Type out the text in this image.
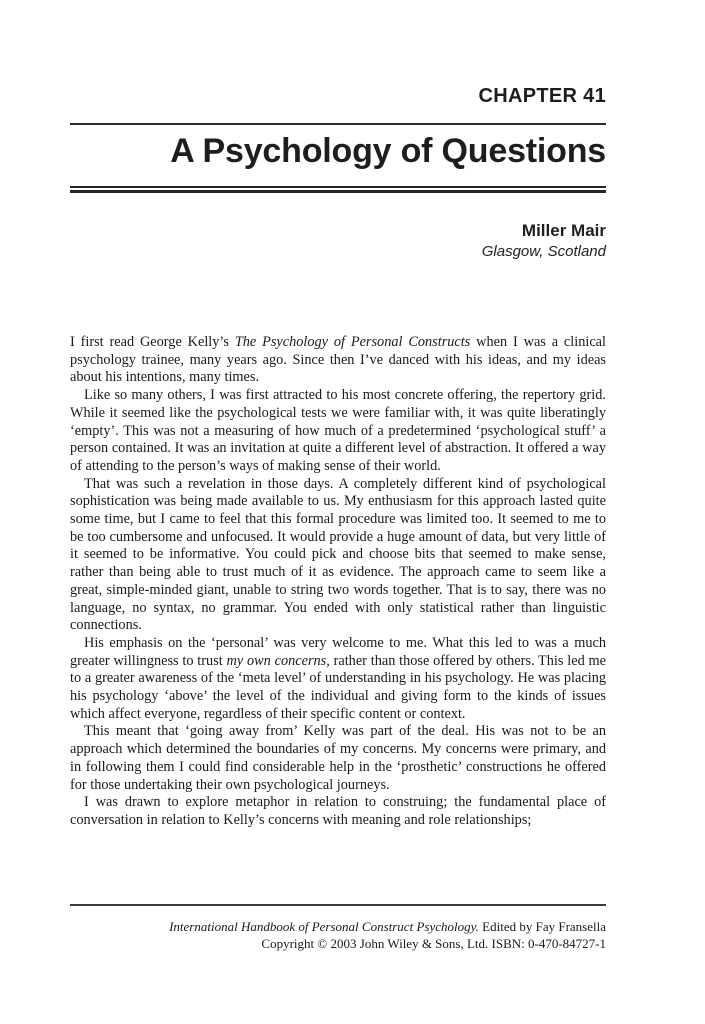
CHAPTER 41
A Psychology of Questions
Miller Mair
Glasgow, Scotland

I first read George Kelly’s The Psychology of Personal Constructs when I was a clinical psychology trainee, many years ago. Since then I’ve danced with his ideas, and my ideas about his intentions, many times.

Like so many others, I was first attracted to his most concrete offering, the repertory grid. While it seemed like the psychological tests we were familiar with, it was quite liberatingly ‘empty’. This was not a measuring of how much of a predetermined ‘psychological stuff’ a person contained. It was an invitation at quite a different level of abstraction. It offered a way of attending to the person’s ways of making sense of their world.

That was such a revelation in those days. A completely different kind of psychological sophistication was being made available to us. My enthusiasm for this approach lasted quite some time, but I came to feel that this formal procedure was limited too. It seemed to me to be too cumbersome and unfocused. It would provide a huge amount of data, but very little of it seemed to be informative. You could pick and choose bits that seemed to make sense, rather than being able to trust much of it as evidence. The approach came to seem like a great, simple-minded giant, unable to string two words together. That is to say, there was no language, no syntax, no grammar. You ended with only statistical rather than linguistic connections.

His emphasis on the ‘personal’ was very welcome to me. What this led to was a much greater willingness to trust my own concerns, rather than those offered by others. This led me to a greater awareness of the ‘meta level’ of understanding in his psychology. He was placing his psychology ‘above’ the level of the individual and giving form to the kinds of issues which affect everyone, regardless of their specific content or context.

This meant that ‘going away from’ Kelly was part of the deal. His was not to be an approach which determined the boundaries of my concerns. My concerns were primary, and in following them I could find considerable help in the ‘prosthetic’ constructions he offered for those undertaking their own psychological journeys.

I was drawn to explore metaphor in relation to construing; the fundamental place of conversation in relation to Kelly’s concerns with meaning and role relationships;

International Handbook of Personal Construct Psychology. Edited by Fay Fransella
Copyright © 2003 John Wiley & Sons, Ltd. ISBN: 0-470-84727-1
